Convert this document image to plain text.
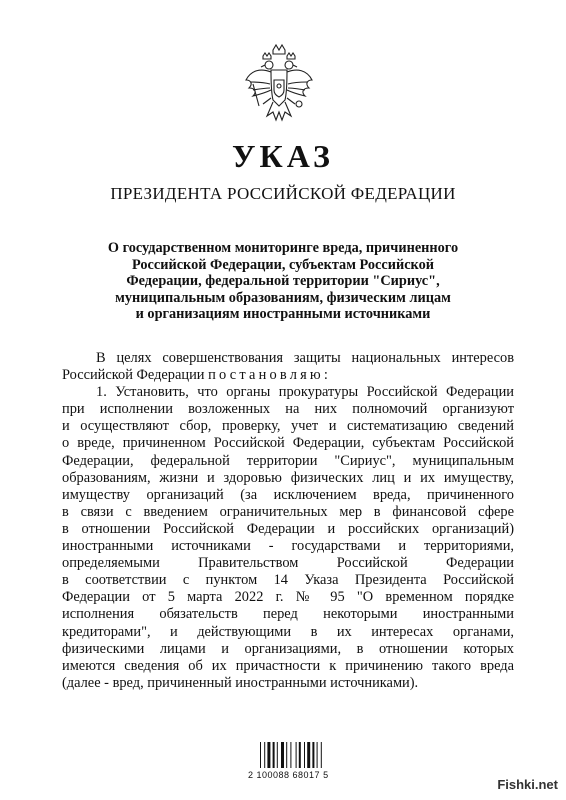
УКАЗ
ПРЕЗИДЕНТА РОССИЙСКОЙ ФЕДЕРАЦИИ
О государственном мониторинге вреда, причиненного
Российской Федерации, субъектам Российской
Федерации, федеральной территории "Сириус",
муниципальным образованиям, физическим лицам
и организациям иностранными источниками
В целях совершенствования защиты национальных интересов
Российской Федерации постановляю:
1. Установить, что органы прокуратуры Российской Федерации
при исполнении возложенных на них полномочий организуют
и осуществляют сбор, проверку, учет и систематизацию сведений
о вреде, причиненном Российской Федерации, субъектам Российской
Федерации, федеральной территории "Сириус", муниципальным
образованиям, жизни и здоровью физических лиц и их имуществу,
имуществу организаций (за исключением вреда, причиненного
в связи с введением ограничительных мер в финансовой сфере
в отношении Российской Федерации и российских организаций)
иностранными источниками - государствами и территориями,
определяемыми Правительством Российской Федерации
в соответствии с пунктом 14 Указа Президента Российской
Федерации от 5 марта 2022 г. № 95 "О временном порядке
исполнения обязательств перед некоторыми иностранными
кредиторами", и действующими в их интересах органами,
физическими лицами и организациями, в отношении которых
имеются сведения об их причастности к причинению такого вреда
(далее - вред, причиненный иностранными источниками).
2 100088 68017 5
Fishki.net
